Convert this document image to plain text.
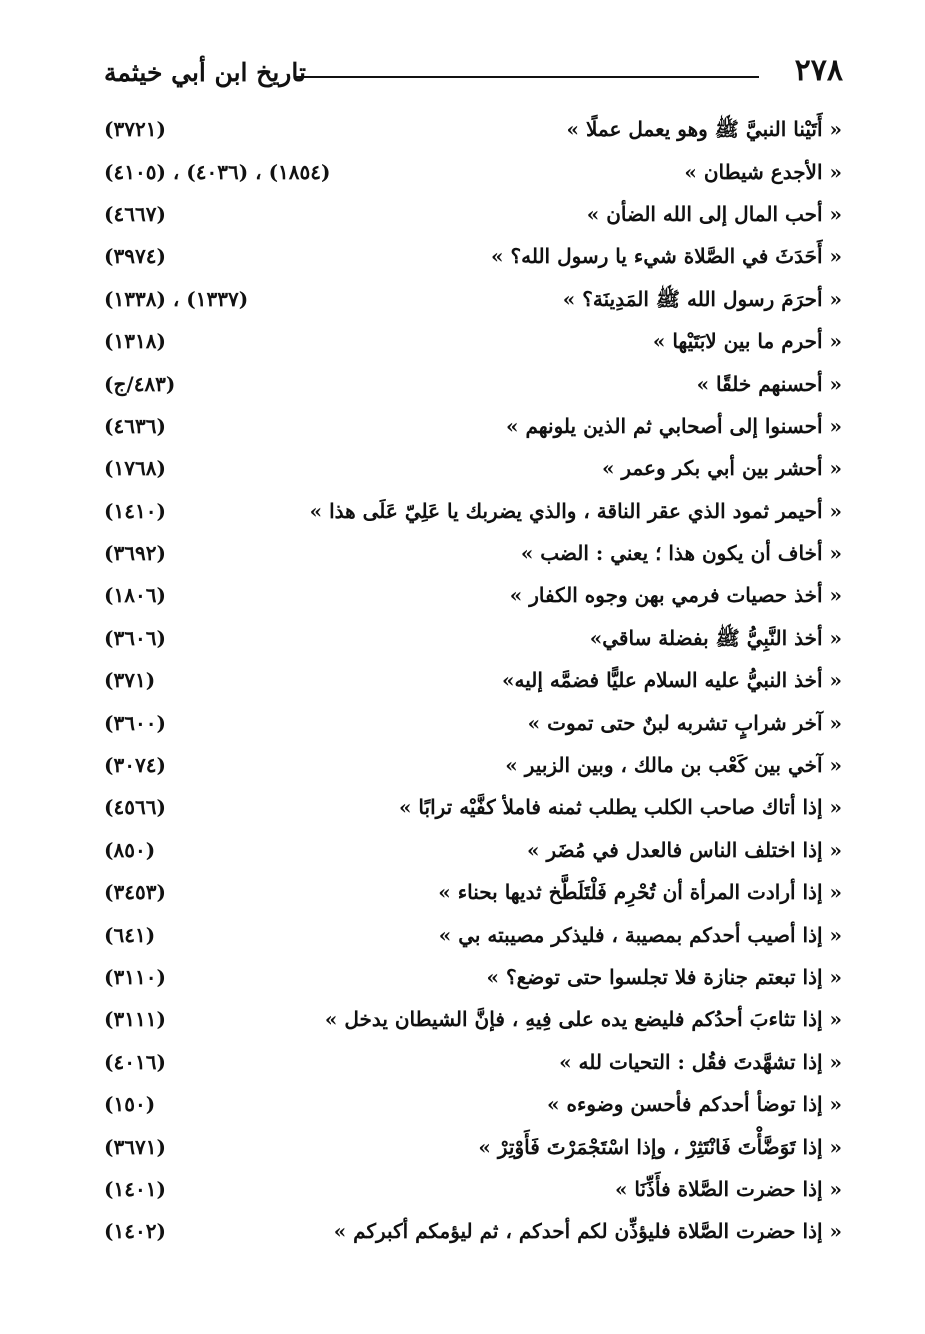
٢٧٨
تاريخ ابن أبي خيثمة
« أَتَيْنا النبيَّ ﷺ وهو يعمل عملًا »
(٣٧٢١)
« الأجدع شيطان »
(١٨٥٤) ، (٤٠٣٦) ، (٤١٠٥)
« أحب المال إلى الله الضأن »
(٤٦٦٧)
« أَحَدَثَ في الصَّلاة شيء يا رسول الله؟ »
(٣٩٧٤)
« أحرَمَ رسول الله ﷺ المَدِينَة؟ »
(١٣٣٧) ، (١٣٣٨)
« أحرم ما بين لابَتَيْها »
(١٣١٨)
« أحسنهم خلقًا »
(٤٨٣/ج)
« أحسنوا إلى أصحابي ثم الذين يلونهم »
(٤٦٣٦)
« أحشر بين أبي بكر وعمر »
(١٧٦٨)
« أحيمر ثمود الذي عقر الناقة ، والذي يضربك يا عَلِيّ عَلَى هذا »
(١٤١٠)
« أخاف أن يكون هذا ؛ يعني : الضب »
(٣٦٩٢)
« أخذ حصيات فرمي بهن وجوه الكفار »
(١٨٠٦)
« أخذ النَّبِيُّ ﷺ بفضلة ساقي»
(٣٦٠٦)
« أخذ النبيُّ عليه السلام عليًّا فضمَّه إليه»
(٣٧١)
« آخر شرابٍ تشربه لبنٌ حتى تموت »
(٣٦٠٠)
« آخي بين كَعْب بن مالك ، وبين الزبير »
(٣٠٧٤)
« إذا أتاك صاحب الكلب يطلب ثمنه فاملأ كفَّيْه ترابًا »
(٤٥٦٦)
« إذا اختلف الناس فالعدل في مُضَر »
(٨٥٠)
« إذا أرادت المرأة أن تُحْرِم فَلْتَلَطَّخ ثديها بحناء »
(٣٤٥٣)
« إذا أصيب أحدكم بمصيبة ، فليذكر مصيبته بي »
(٦٤١)
« إذا تبعتم جنازة فلا تجلسوا حتى توضع؟ »
(٣١١٠)
« إذا تثاءبَ أحدُكم فليضع يده على فِيهِ ، فإنَّ الشيطان يدخل »
(٣١١١)
« إذا تشهَّدتَ فقُل : التحيات لله »
(٤٠١٦)
« إذا توضأ أحدكم فأحسن وضوءه »
(١٥٠)
« إذا تَوَضَّأْتَ فَانْتَثِرْ ، وإذا اسْتَجْمَرْتَ فَأَوْتِرْ »
(٣٦٧١)
« إذا حضرت الصَّلاة فأَذِّنَا »
(١٤٠١)
« إذا حضرت الصَّلاة فليؤذِّن لكم أحدكم ، ثم ليؤمكم أكبركم »
(١٤٠٢)
